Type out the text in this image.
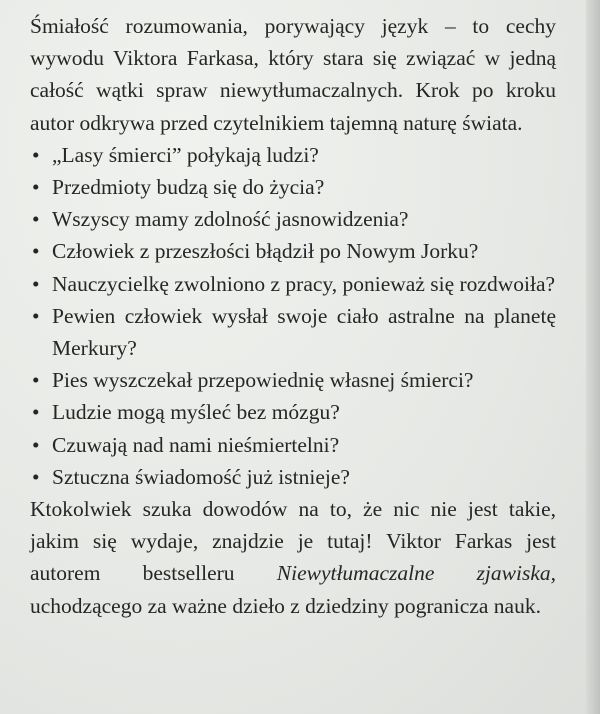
Śmiałość rozumowania, porywający język – to cechy wywodu Viktora Farkasa, który stara się związać w jedną całość wątki spraw niewytłumaczalnych. Krok po kroku autor odkrywa przed czytelnikiem tajemną naturę świata.

• „Lasy śmierci” połykają ludzi?
• Przedmioty budzą się do życia?
• Wszyscy mamy zdolność jasnowidzenia?
• Człowiek z przeszłości błądził po Nowym Jorku?
• Nauczycielkę zwolniono z pracy, ponieważ się rozdwoiła?
• Pewien człowiek wysłał swoje ciało astralne na planetę Merkury?
• Pies wyszczekał przepowiednię własnej śmierci?
• Ludzie mogą myśleć bez mózgu?
• Czuwają nad nami nieśmiertelni?
• Sztuczna świadomość już istnieje?

Ktokolwiek szuka dowodów na to, że nic nie jest takie, jakim się wydaje, znajdzie je tutaj! Viktor Farkas jest autorem bestselleru Niewytłumaczalne zjawiska, uchodzącego za ważne dzieło z dziedziny pogranicza nauk.
